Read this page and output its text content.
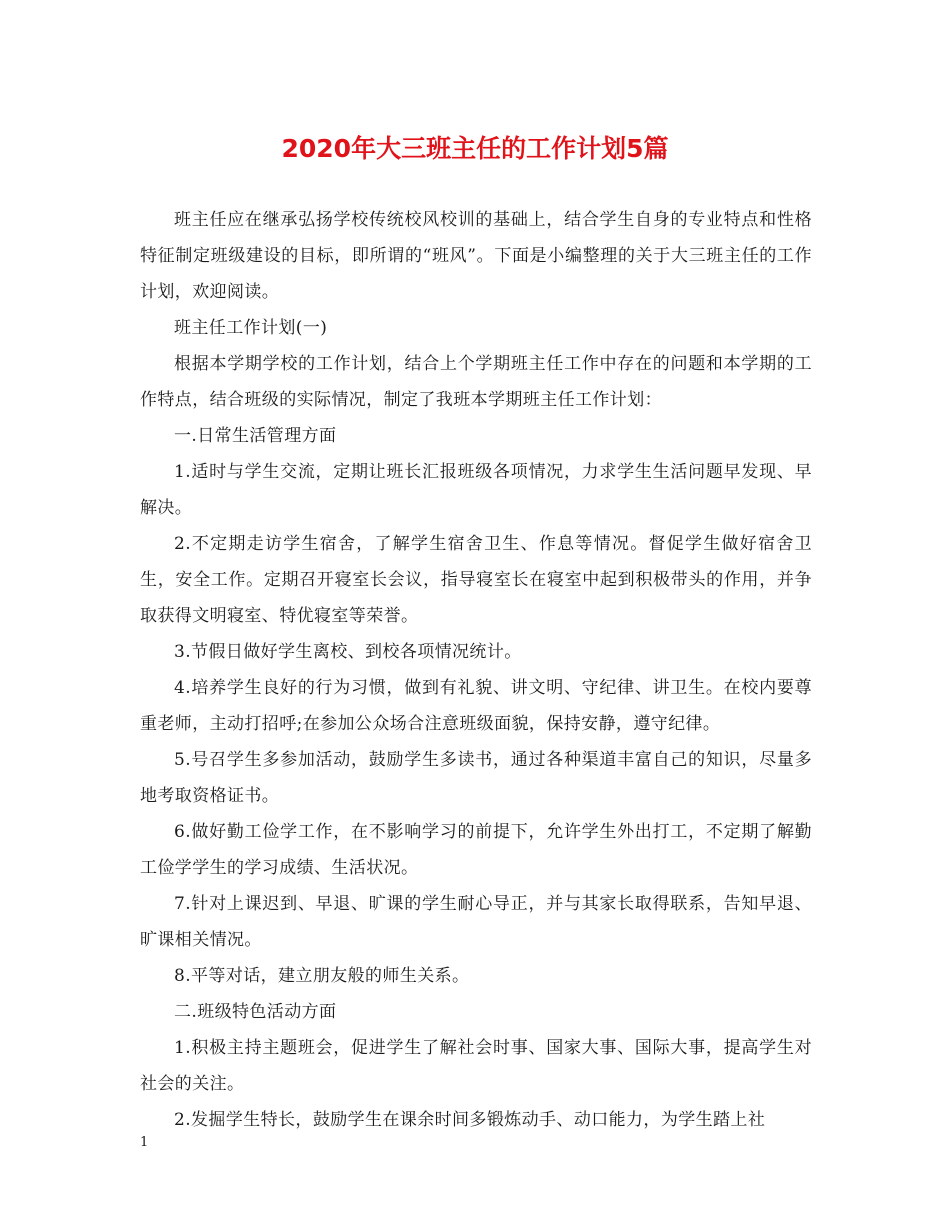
2020年大三班主任的工作计划5篇

班主任应在继承弘扬学校传统校风校训的基础上，结合学生自身的专业特点和性格特征制定班级建设的目标，即所谓的“班风”。下面是小编整理的关于大三班主任的工作计划，欢迎阅读。

班主任工作计划(一)

根据本学期学校的工作计划，结合上个学期班主任工作中存在的问题和本学期的工作特点，结合班级的实际情况，制定了我班本学期班主任工作计划：

一.日常生活管理方面

1.适时与学生交流，定期让班长汇报班级各项情况，力求学生生活问题早发现、早解决。

2.不定期走访学生宿舍，了解学生宿舍卫生、作息等情况。督促学生做好宿舍卫生，安全工作。定期召开寝室长会议，指导寝室长在寝室中起到积极带头的作用，并争取获得文明寝室、特优寝室等荣誉。

3.节假日做好学生离校、到校各项情况统计。

4.培养学生良好的行为习惯，做到有礼貌、讲文明、守纪律、讲卫生。在校内要尊重老师，主动打招呼;在参加公众场合注意班级面貌，保持安静，遵守纪律。

5.号召学生多参加活动，鼓励学生多读书，通过各种渠道丰富自己的知识，尽量多地考取资格证书。

6.做好勤工俭学工作，在不影响学习的前提下，允许学生外出打工，不定期了解勤工俭学学生的学习成绩、生活状况。

7.针对上课迟到、早退、旷课的学生耐心导正，并与其家长取得联系，告知早退、旷课相关情况。

8.平等对话，建立朋友般的师生关系。

二.班级特色活动方面

1.积极主持主题班会，促进学生了解社会时事、国家大事、国际大事，提高学生对社会的关注。

2.发掘学生特长，鼓励学生在课余时间多锻炼动手、动口能力，为学生踏上社

1
